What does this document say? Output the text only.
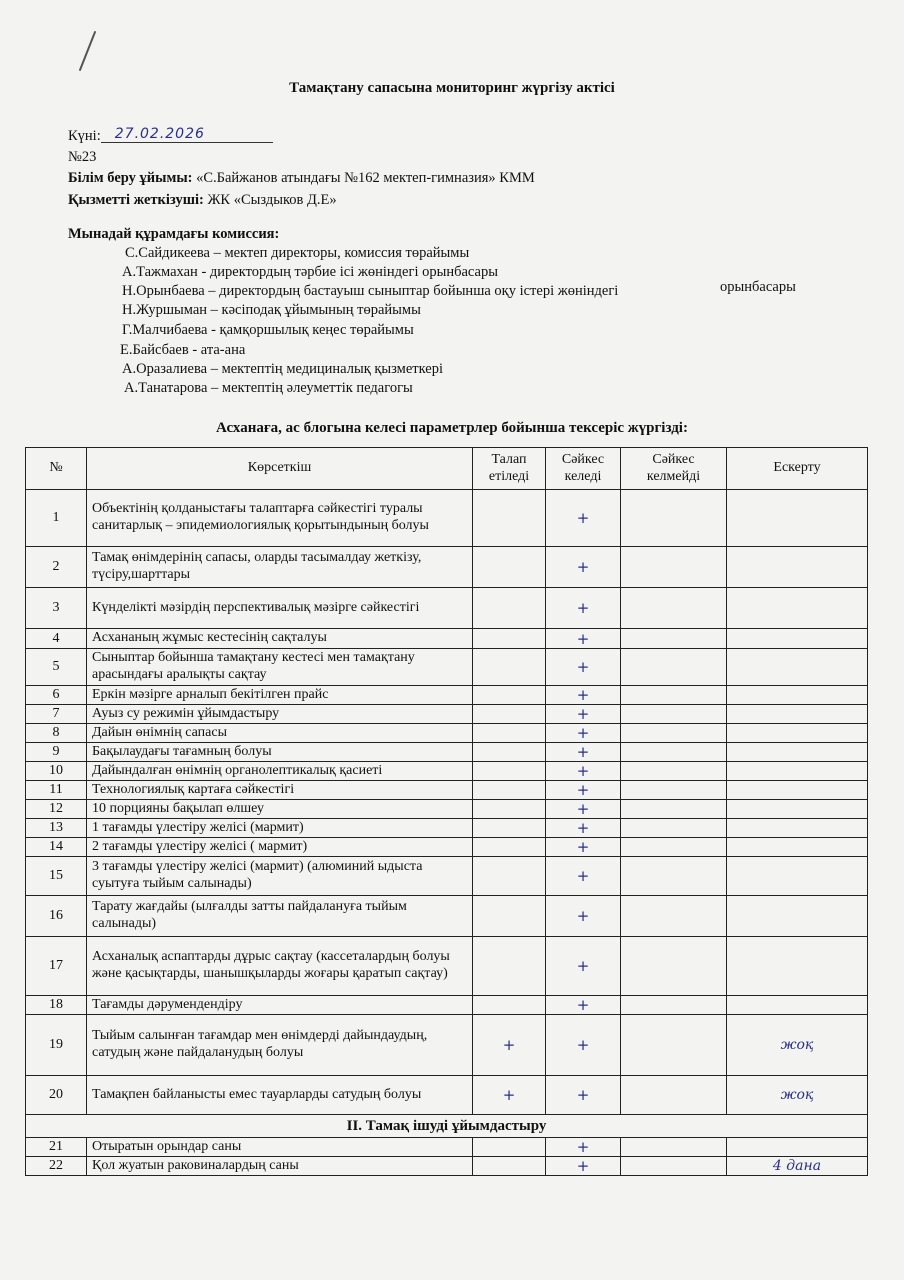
Тамақтану сапасына мониторинг жүргізу актісі
Күні: 27.02.2026
№23
Білім беру ұйымы: «С.Байжанов атындағы №162 мектеп-гимназия» КММ
Қызметті жеткізуші: ЖК «Сыздыков Д.Е»
Мынадай құрамдағы комиссия:
С.Сайдикеева – мектеп директоры, комиссия төрайымы
А.Тажмахан - директордың тәрбие ісі жөніндегі орынбасары
Н.Орынбаева – директордың бастауыш сыныптар бойынша оқу істері жөніндегі	орынбасары
Н.Журшыман – кәсіподақ ұйымының төрайымы
Г.Малчибаева - қамқоршылық кеңес төрайымы
Е.Байсбаев - ата-ана
А.Оразалиева – мектептің медициналық қызметкері
А.Танатарова – мектептің әлеуметтік педагогы
Асханаға, ас блогына келесі параметрлер бойынша тексеріс жүргізді:
№	Көрсеткіш	Талап етіледі	Сәйкес келеді	Сәйкес келмейді	Ескерту
1	Объектінің қолданыстағы талаптарға сәйкестігі туралы санитарлық – эпидемиологиялық қорытындының болуы		+		
2	Тамақ өнімдерінің сапасы, оларды тасымалдау жеткізу, түсіру,шарттары		+		
3	Күнделікті мәзірдің перспективалық мәзірге сәйкестігі		+		
4	Асхананың жұмыс кестесінің сақталуы		+		
5	Сыныптар бойынша тамақтану кестесі мен тамақтану арасындағы аралықты сақтау		+		
6	Еркін мәзірге арналып бекітілген прайс		+		
7	Ауыз су режимін ұйымдастыру		+		
8	Дайын өнімнің сапасы		+		
9	Бақылаудағы тағамның болуы		+		
10	Дайындалған өнімнің органолептикалық қасиеті		+		
11	Технологиялық картаға сәйкестігі		+		
12	10 порцияны бақылап өлшеу		+		
13	1 тағамды үлестіру желісі (мармит)		+		
14	2 тағамды үлестіру желісі ( мармит)		+		
15	3 тағамды үлестіру желісі (мармит) (алюминий ыдыста суытуға тыйым салынады)		+		
16	Тарату жағдайы (ылғалды затты пайдалануға тыйым салынады)		+		
17	Асханалық аспаптарды дұрыс сақтау (кассеталардың болуы және қасықтарды, шанышқыларды жоғары қаратып сақтау)		+		
18	Тағамды дәрумендендіру		+		
19	Тыйым салынған тағамдар мен өнімдерді дайындаудың, сатудың және пайдаланудың болуы	+	+		жоқ
20	Тамақпен байланысты емес тауарларды сатудың болуы	+	+		жоқ
II. Тамақ ішуді ұйымдастыру					
21	Отыратын орындар саны		+		
22	Қол жуатын раковиналардың саны		+		4 дана
